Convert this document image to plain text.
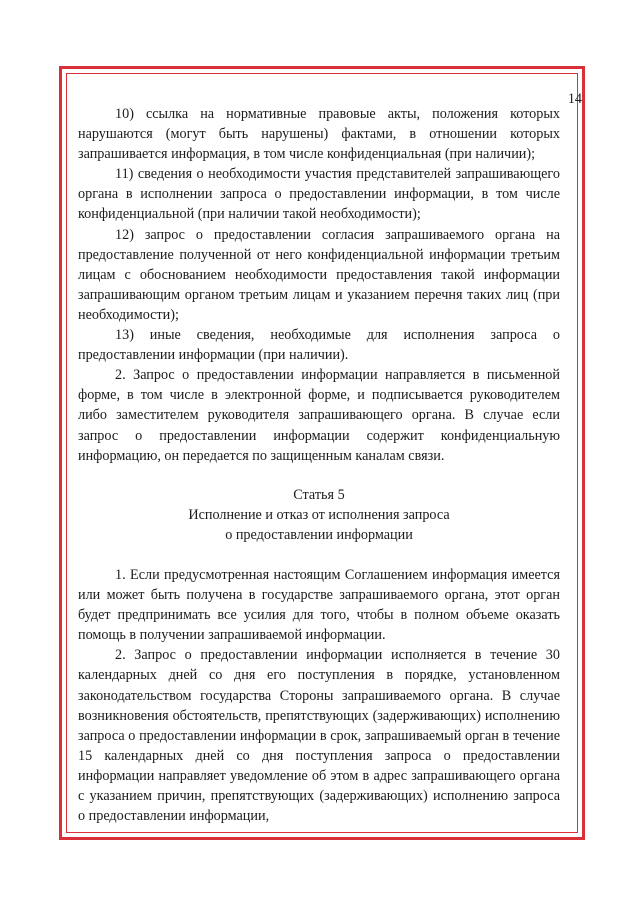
14

10) ссылка на нормативные правовые акты, положения которых нарушаются (могут быть нарушены) фактами, в отношении которых запрашивается информация, в том числе конфиденциальная (при наличии);

11) сведения о необходимости участия представителей запрашивающего органа в исполнении запроса о предоставлении информации, в том числе конфиденциальной (при наличии такой необходимости);

12) запрос о предоставлении согласия запрашиваемого органа на предоставление полученной от него конфиденциальной информации третьим лицам с обоснованием необходимости предоставления такой информации запрашивающим органом третьим лицам и указанием перечня таких лиц (при необходимости);

13) иные сведения, необходимые для исполнения запроса о предоставлении информации (при наличии).

2. Запрос о предоставлении информации направляется в письменной форме, в том числе в электронной форме, и подписывается руководителем либо заместителем руководителя запрашивающего органа. В случае если запрос о предоставлении информации содержит конфиденциальную информацию, он передается по защищенным каналам связи.

Статья 5
Исполнение и отказ от исполнения запроса
о предоставлении информации

1. Если предусмотренная настоящим Соглашением информация имеется или может быть получена в государстве запрашиваемого органа, этот орган будет предпринимать все усилия для того, чтобы в полном объеме оказать помощь в получении запрашиваемой информации.

2. Запрос о предоставлении информации исполняется в течение 30 календарных дней со дня его поступления в порядке, установленном законодательством государства Стороны запрашиваемого органа. В случае возникновения обстоятельств, препятствующих (задерживающих) исполнению запроса о предоставлении информации в срок, запрашиваемый орган в течение 15 календарных дней со дня поступления запроса о предоставлении информации направляет уведомление об этом в адрес запрашивающего органа с указанием причин, препятствующих (задерживающих) исполнению запроса о предоставлении информации,
